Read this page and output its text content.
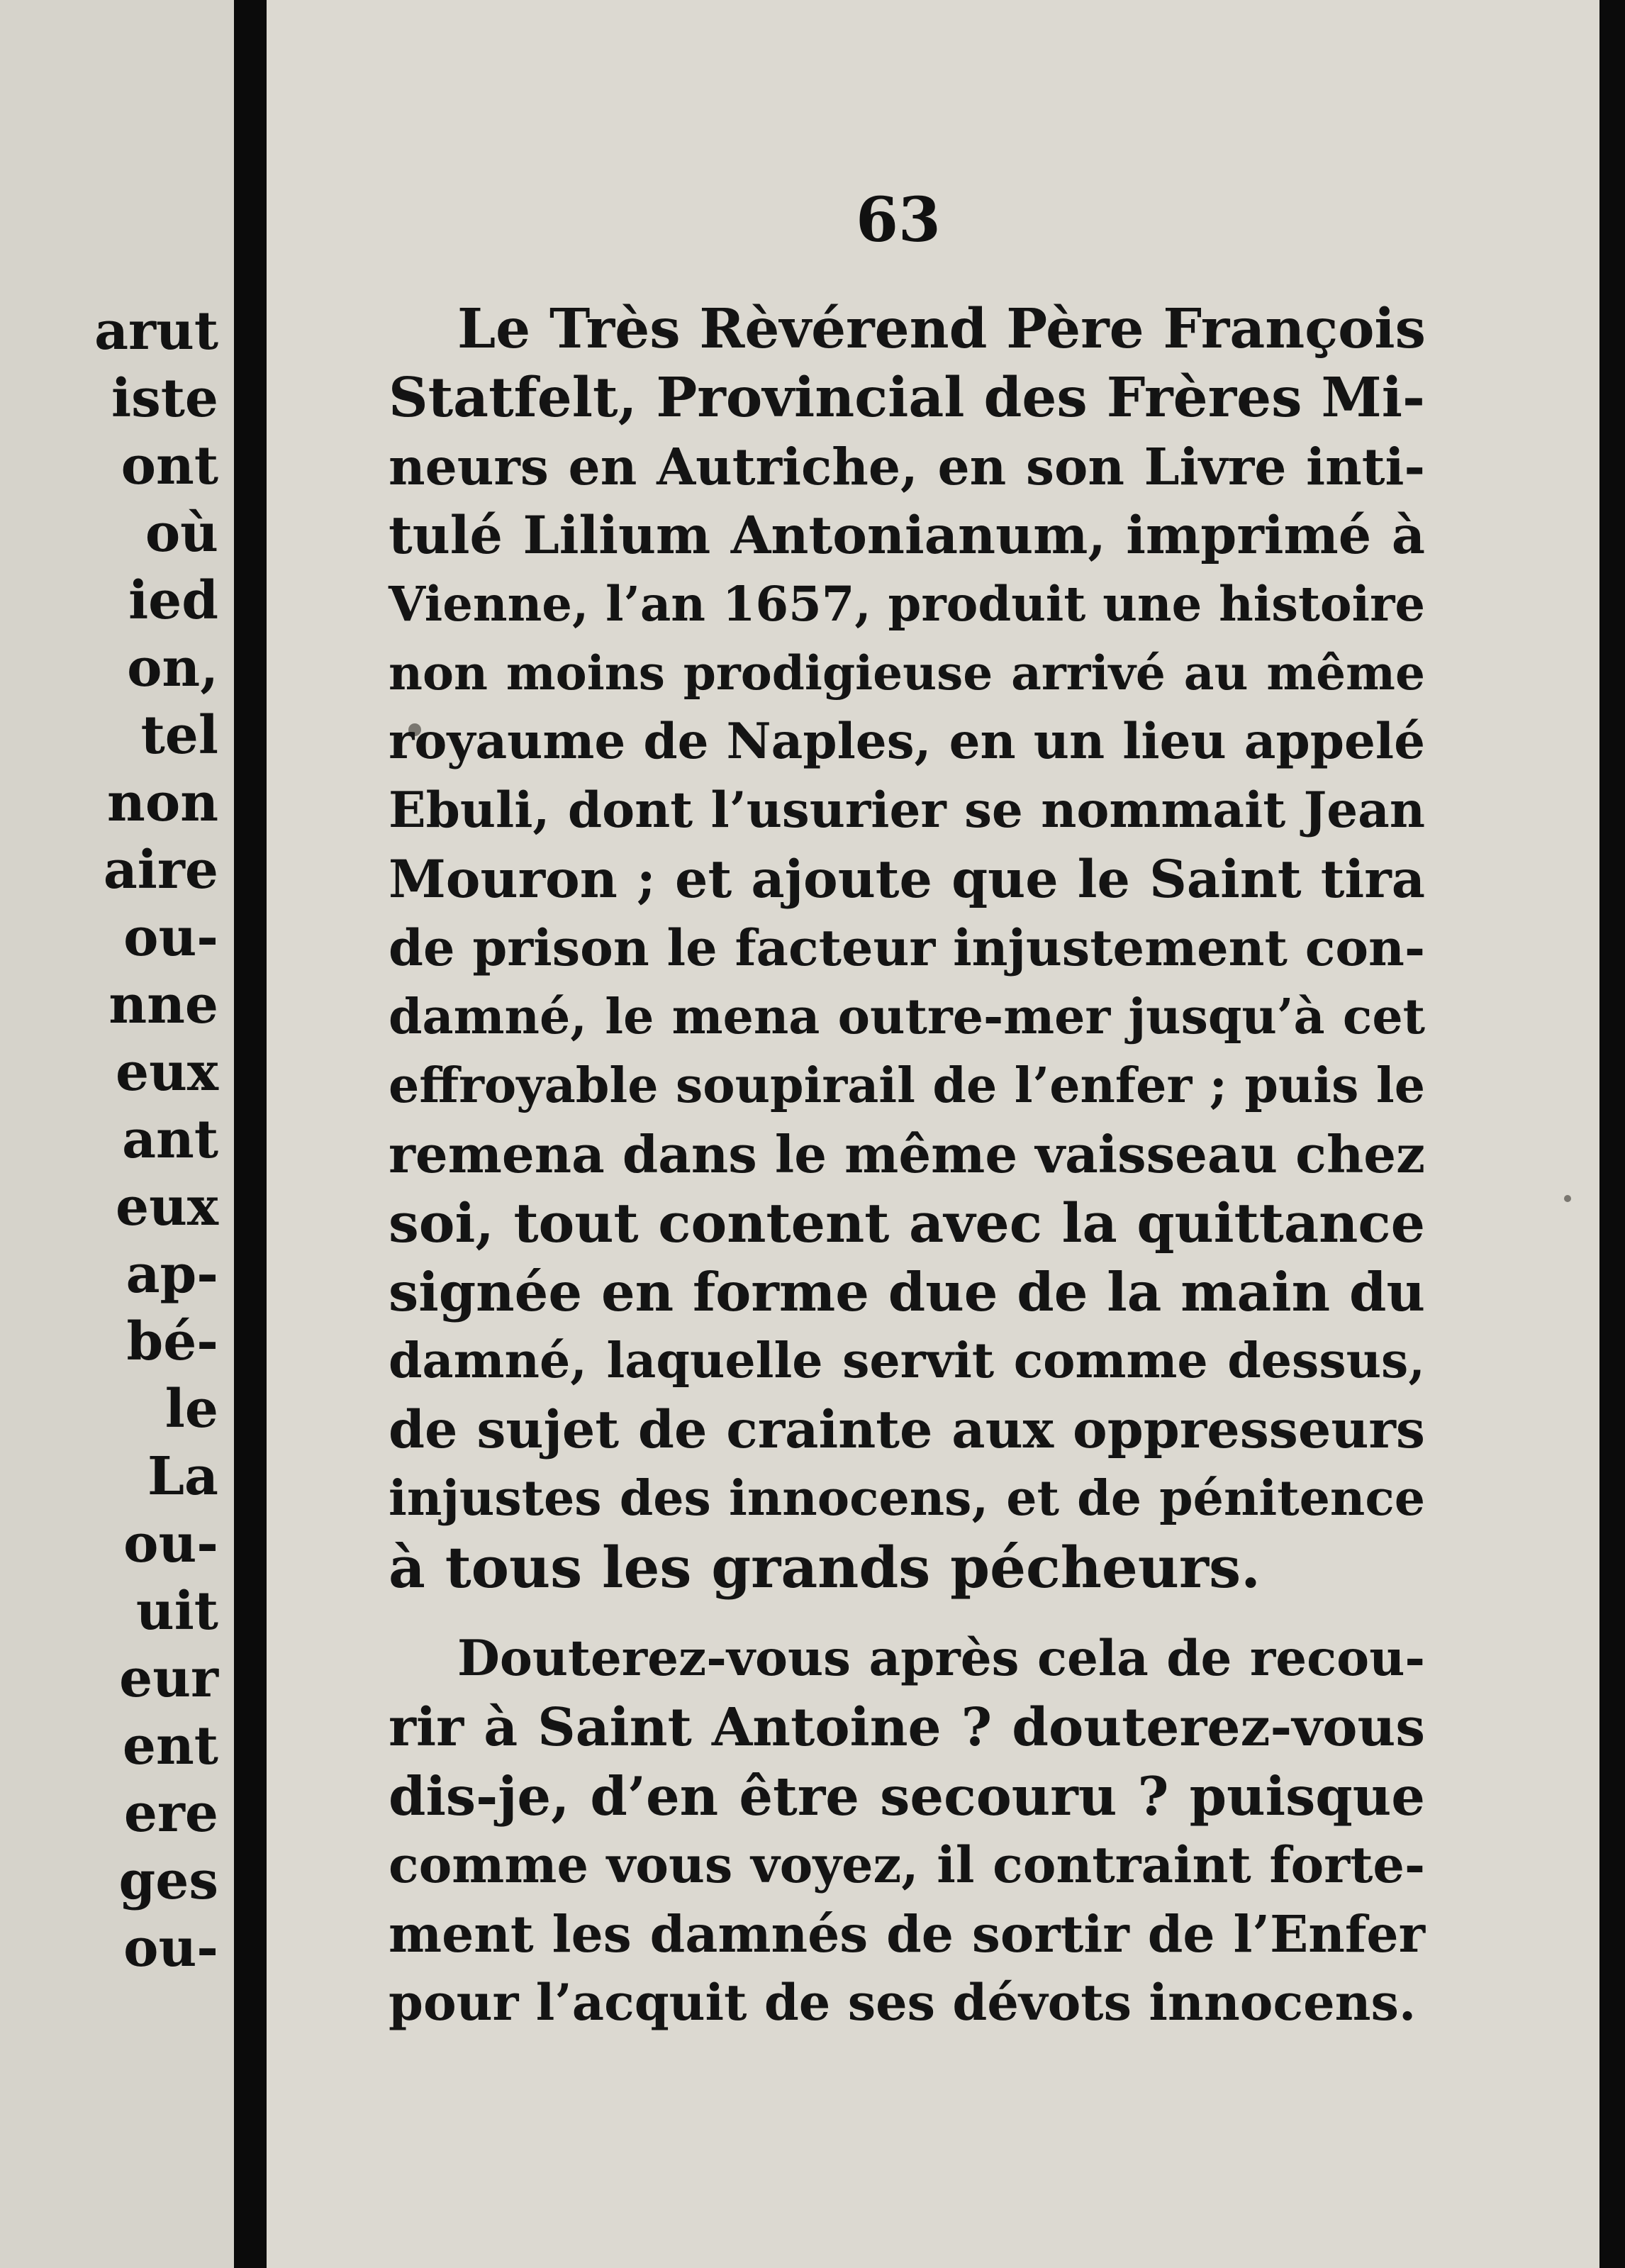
arut
iste
ont
où
ied
on,
tel
non
aire
ou-
nne
eux
ant
eux
ap-
bé-
le
La
ou-
uit
eur
ent
ere
ges
ou-
63
Le Très Rèvérend Père François
Statfelt, Provincial des Frères Mi-
neurs en Autriche, en son Livre inti-
tulé Lilium Antonianum, imprimé à
Vienne, l’an 1657, produit une histoire
non moins prodigieuse arrivé au même
royaume de Naples, en un lieu appelé
Ebuli, dont l’usurier se nommait Jean
Mouron ; et ajoute que le Saint tira
de prison le facteur injustement con-
damné, le mena outre-mer jusqu’à cet
effroyable soupirail de l’enfer ; puis le
remena dans le même vaisseau chez
soi, tout content avec la quittance
signée en forme due de la main du
damné, laquelle servit comme dessus,
de sujet de crainte aux oppresseurs
injustes des innocens, et de pénitence
à tous les grands pécheurs.
Douterez-vous après cela de recou-
rir à Saint Antoine ? douterez-vous
dis-je, d’en être secouru ? puisque
comme vous voyez, il contraint forte-
ment les damnés de sortir de l’Enfer
pour l’acquit de ses dévots innocens.
